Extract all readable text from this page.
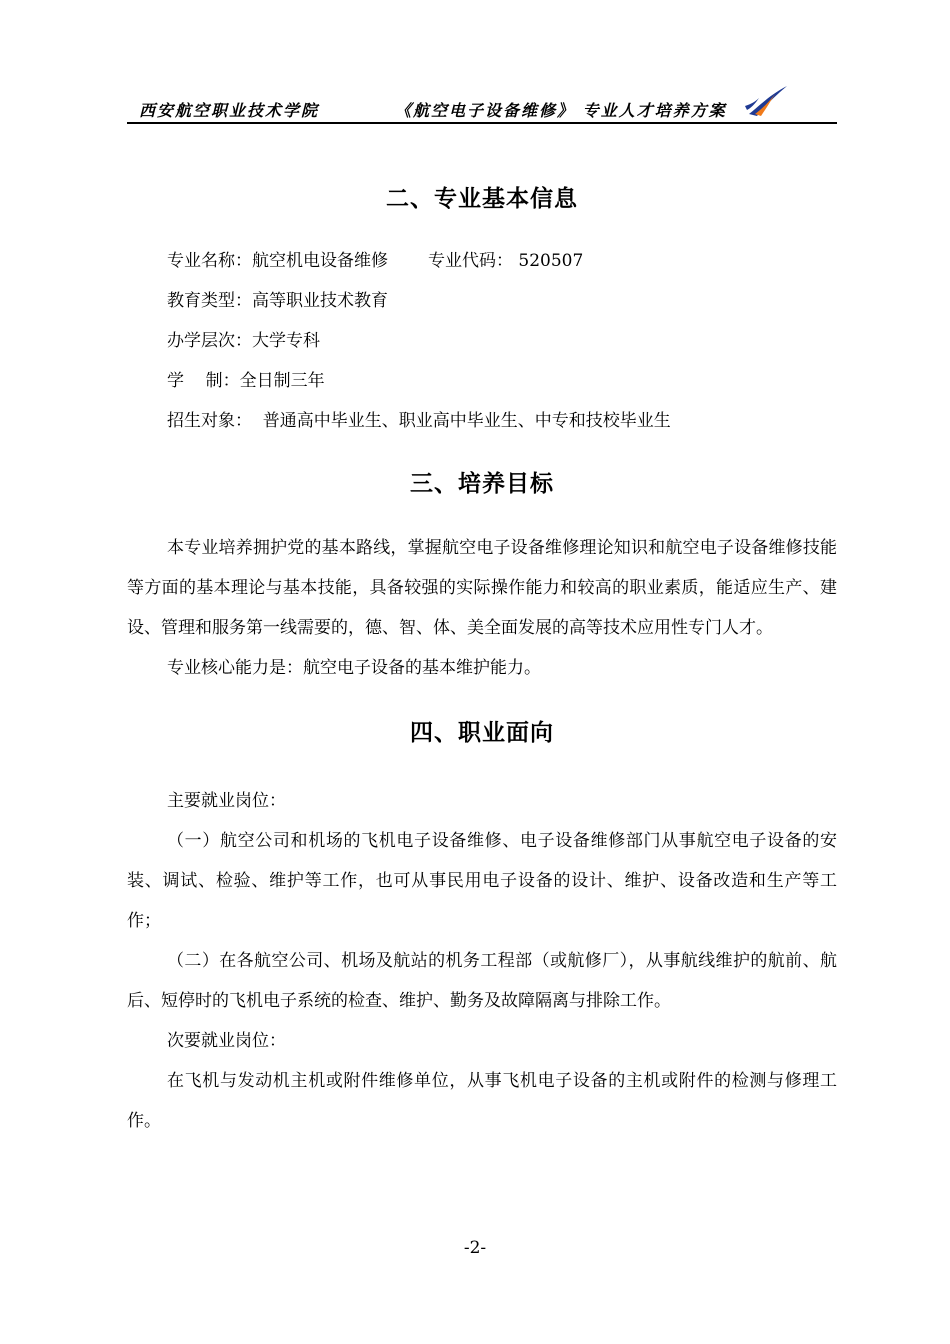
西安航空职业技术学院	《航空电子设备维修》 专业人才培养方案
二、专业基本信息
专业名称：航空机电设备维修 专业代码： 520507
教育类型：高等职业技术教育
办学层次：大学专科
学    制：全日制三年
招生对象：  普通高中毕业生、职业高中毕业生、中专和技校毕业生
三、培养目标

本专业培养拥护党的基本路线，掌握航空电子设备维修理论知识和航空电子设备维修技能等方面的基本理论与基本技能，具备较强的实际操作能力和较高的职业素质，能适应生产、建设、管理和服务第一线需要的，德、智、体、美全面发展的高等技术应用性专门人才。

专业核心能力是：航空电子设备的基本维护能力。

四、职业面向

主要就业岗位：

（一）航空公司和机场的飞机电子设备维修、电子设备维修部门从事航空电子设备的安装、调试、检验、维护等工作，也可从事民用电子设备的设计、维护、设备改造和生产等工作；

（二）在各航空公司、机场及航站的机务工程部（或航修厂），从事航线维护的航前、航后、短停时的飞机电子系统的检查、维护、勤务及故障隔离与排除工作。

次要就业岗位：

在飞机与发动机主机或附件维修单位，从事飞机电子设备的主机或附件的检测与修理工作。

-2-
